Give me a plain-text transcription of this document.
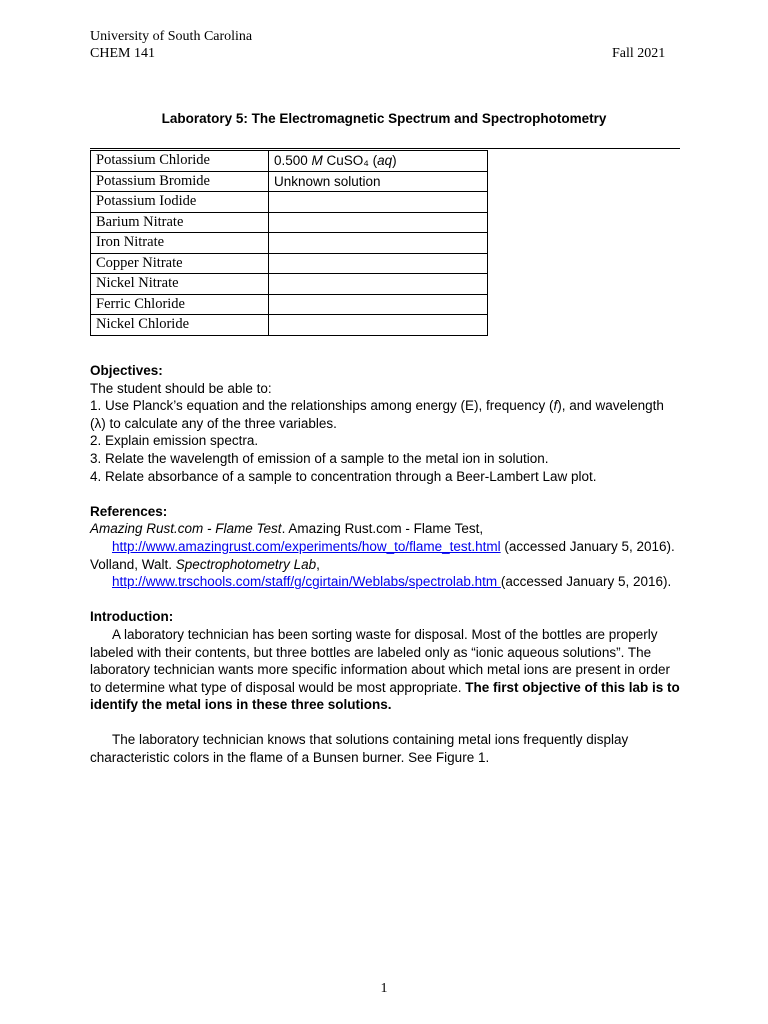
University of South Carolina
CHEM 141	Fall 2021
Laboratory 5: The Electromagnetic Spectrum and Spectrophotometry
Potassium Chloride	0.500 M CuSO₄ (aq)
Potassium Bromide	Unknown solution
Potassium Iodide	
Barium Nitrate	
Iron Nitrate	
Copper Nitrate	
Nickel Nitrate	
Ferric Chloride	
Nickel Chloride	

Objectives:

The student should be able to:

1. Use Planck’s equation and the relationships among energy (E), frequency (f), and wavelength (λ) to calculate any of the three variables.

2. Explain emission spectra.

3. Relate the wavelength of emission of a sample to the metal ion in solution.

4. Relate absorbance of a sample to concentration through a Beer-Lambert Law plot.

References:

Amazing Rust.com - Flame Test. Amazing Rust.com - Flame Test,

http://www.amazingrust.com/experiments/how_to/flame_test.html (accessed January 5, 2016).

Volland, Walt. Spectrophotometry Lab,

http://www.trschools.com/staff/g/cgirtain/Weblabs/spectrolab.htm (accessed January 5, 2016).

Introduction:

A laboratory technician has been sorting waste for disposal. Most of the bottles are properly labeled with their contents, but three bottles are labeled only as “ionic aqueous solutions”. The laboratory technician wants more specific information about which metal ions are present in order to determine what type of disposal would be most appropriate. The first objective of this lab is to identify the metal ions in these three solutions.

The laboratory technician knows that solutions containing metal ions frequently display characteristic colors in the flame of a Bunsen burner. See Figure 1.

1
